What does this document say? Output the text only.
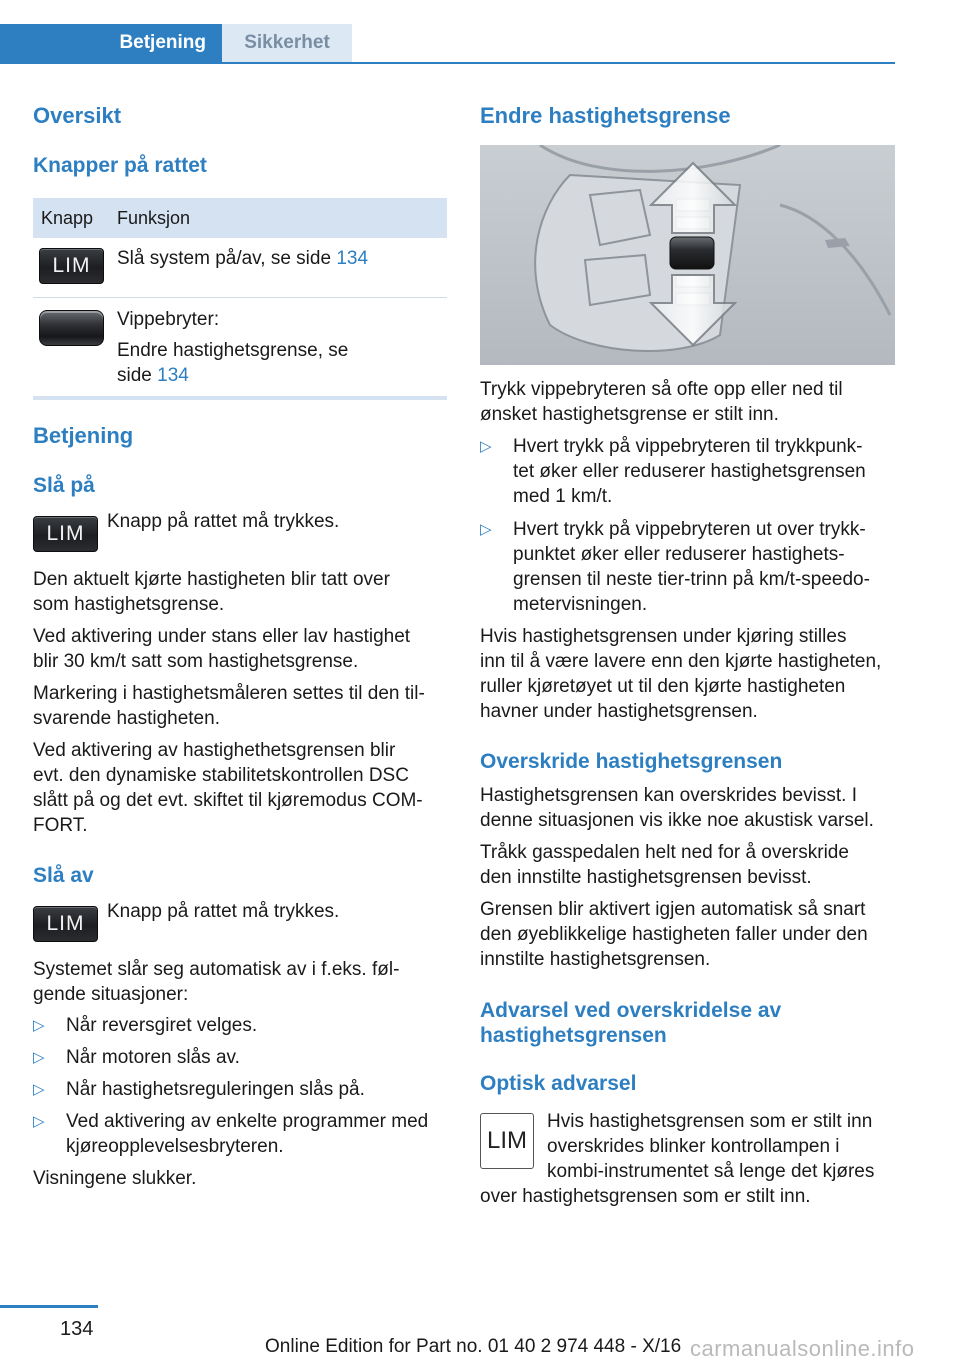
Betjening	Sikkerhet
Oversikt
Knapper på rattet
Knapp Funksjon
LIM	Slå system på/av, se side 134
Vippebryter:
Endre hastighetsgrense, se
side 134
Betjening
Slå på
LIM
Knapp på rattet må trykkes.
Den aktuelt kjørte hastigheten blir tatt over
som hastighetsgrense.
Ved aktivering under stans eller lav hastighet
blir 30 km/t satt som hastighetsgrense.
Markering i hastighetsmåleren settes til den til‐
svarende hastigheten.
Ved aktivering av hastighethetsgrensen blir
evt. den dynamiske stabilitetskontrollen DSC
slått på og det evt. skiftet til kjøremodus COM‐
FORT.
Slå av
LIM
Knapp på rattet må trykkes.
Systemet slår seg automatisk av i f.eks. føl‐
gende situasjoner:
▷ Når reversgiret velges.
▷ Når motoren slås av.
▷ Når hastighetsreguleringen slås på.
▷ Ved aktivering av enkelte programmer med
kjøreopplevelsesbryteren.
Visningene slukker.
Endre hastighetsgrense
Trykk vippebryteren så ofte opp eller ned til
ønsket hastighetsgrense er stilt inn.
▷ Hvert trykk på vippebryteren til trykkpunk‐
tet øker eller reduserer hastighetsgrensen
med 1 km/t.
▷ Hvert trykk på vippebryteren ut over trykk‐
punktet øker eller reduserer hastighets‐
grensen til neste tier-trinn på km/t-speedo‐
metervisningen.
Hvis hastighetsgrensen under kjøring stilles
inn til å være lavere enn den kjørte hastigheten,
ruller kjøretøyet ut til den kjørte hastigheten
havner under hastighetsgrensen.
Overskride hastighetsgrensen
Hastighetsgrensen kan overskrides bevisst. I
denne situasjonen vis ikke noe akustisk varsel.
Tråkk gasspedalen helt ned for å overskride
den innstilte hastighetsgrensen bevisst.
Grensen blir aktivert igjen automatisk så snart
den øyeblikkelige hastigheten faller under den
innstilte hastighetsgrensen.
Advarsel ved overskridelse av
hastighetsgrensen
Optisk advarsel
LIM
Hvis hastighetsgrensen som er stilt inn
overskrides blinker kontrollampen i
kombi-instrumentet så lenge det kjøres
over hastighetsgrensen som er stilt inn.
134
Online Edition for Part no. 01 40 2 974 448 - X/16 carmanualsonline.info
